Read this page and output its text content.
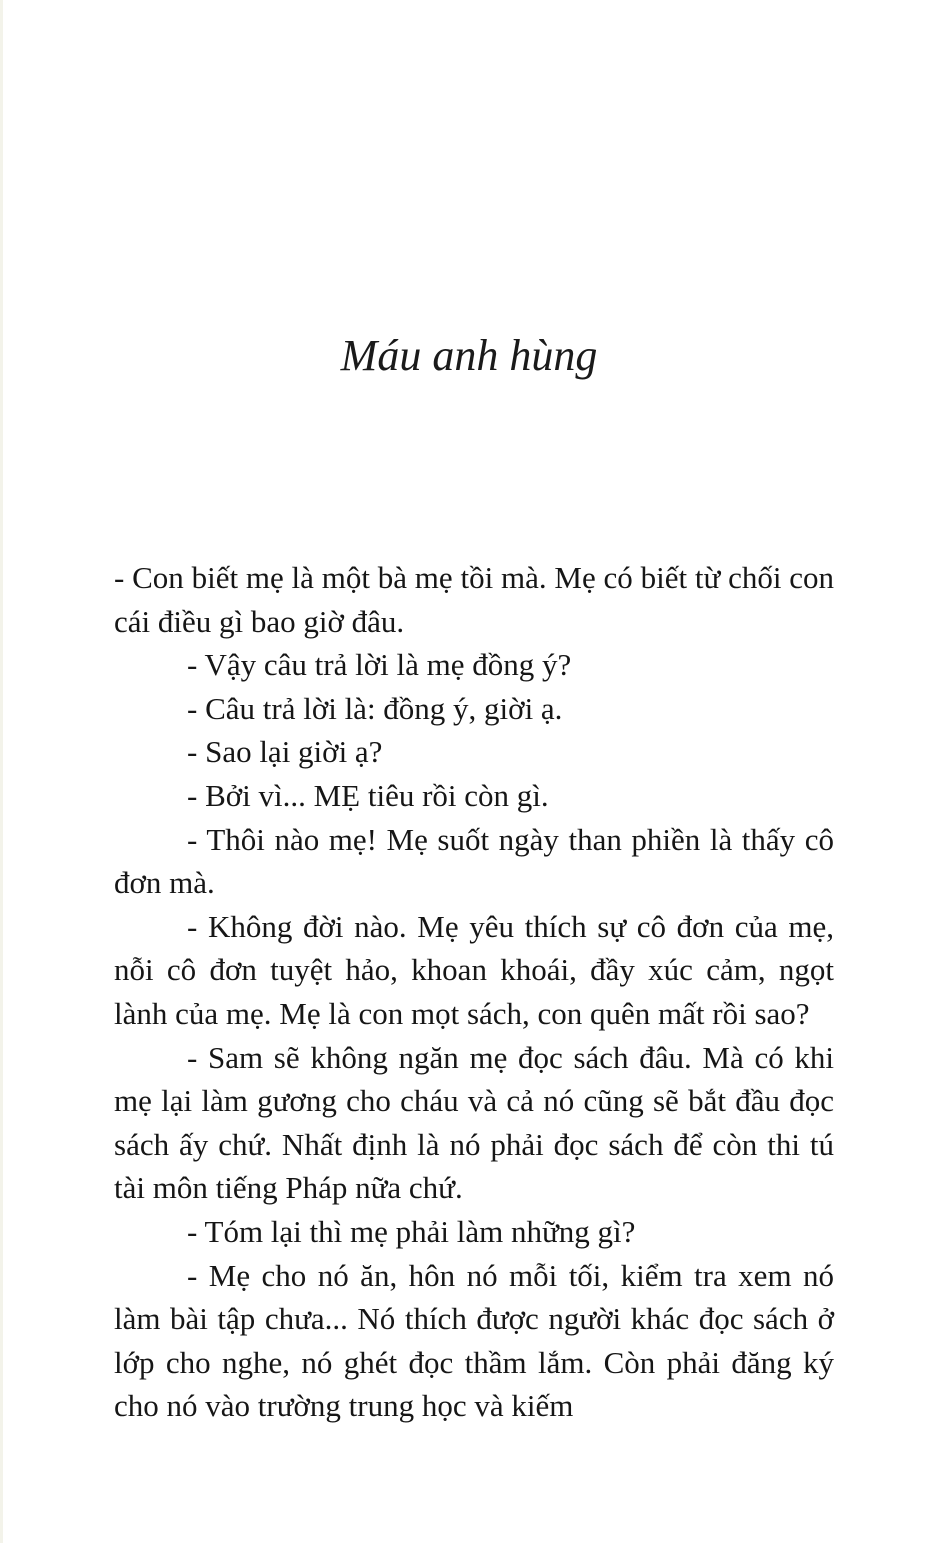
Máu anh hùng

- Con biết mẹ là một bà mẹ tồi mà. Mẹ có biết từ chối con cái điều gì bao giờ đâu.

- Vậy câu trả lời là mẹ đồng ý?

- Câu trả lời là: đồng ý, giời ạ.

- Sao lại giời ạ?

- Bởi vì... MẸ tiêu rồi còn gì.

- Thôi nào mẹ! Mẹ suốt ngày than phiền là thấy cô đơn mà.

- Không đời nào. Mẹ yêu thích sự cô đơn của mẹ, nỗi cô đơn tuyệt hảo, khoan khoái, đầy xúc cảm, ngọt lành của mẹ. Mẹ là con mọt sách, con quên mất rồi sao?

- Sam sẽ không ngăn mẹ đọc sách đâu. Mà có khi mẹ lại làm gương cho cháu và cả nó cũng sẽ bắt đầu đọc sách ấy chứ. Nhất định là nó phải đọc sách để còn thi tú tài môn tiếng Pháp nữa chứ.

- Tóm lại thì mẹ phải làm những gì?

- Mẹ cho nó ăn, hôn nó mỗi tối, kiểm tra xem nó làm bài tập chưa... Nó thích được người khác đọc sách ở lớp cho nghe, nó ghét đọc thầm lắm. Còn phải đăng ký cho nó vào trường trung học và kiếm
